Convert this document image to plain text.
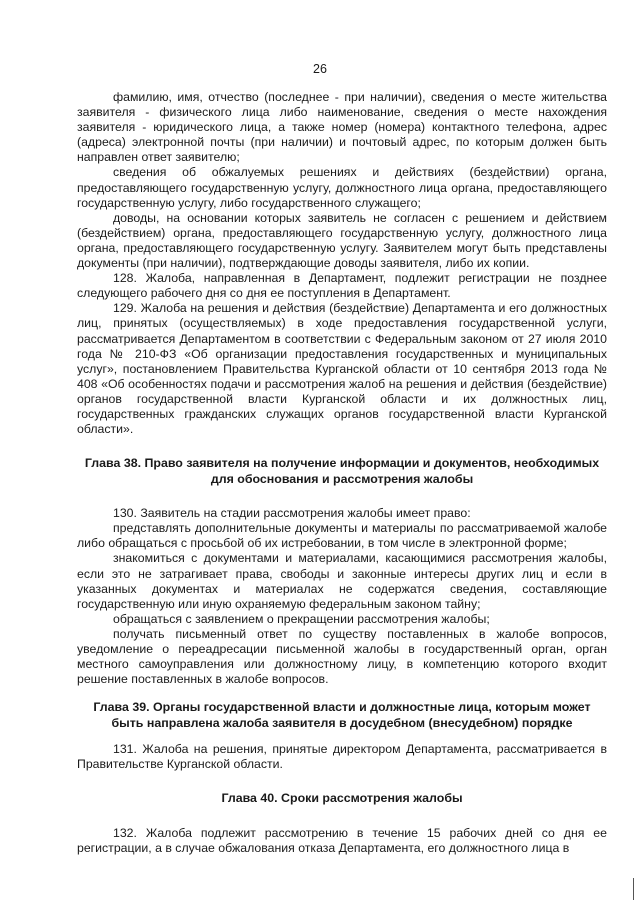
26

фамилию, имя, отчество (последнее - при наличии), сведения о месте жительства заявителя - физического лица либо наименование, сведения о месте нахождения заявителя - юридического лица, а также номер (номера) контактного телефона, адрес (адреса) электронной почты (при наличии) и почтовый адрес, по которым должен быть направлен ответ заявителю;

сведения об обжалуемых решениях и действиях (бездействии) органа, предоставляющего государственную услугу, должностного лица органа, предоставляющего государственную услугу, либо государственного служащего;

доводы, на основании которых заявитель не согласен с решением и действием (бездействием) органа, предоставляющего государственную услугу, должностного лица органа, предоставляющего государственную услугу. Заявителем могут быть представлены документы (при наличии), подтверждающие доводы заявителя, либо их копии.

128. Жалоба, направленная в Департамент, подлежит регистрации не позднее следующего рабочего дня со дня ее поступления в Департамент.

129. Жалоба на решения и действия (бездействие) Департамента и его должностных лиц, принятых (осуществляемых) в ходе предоставления государственной услуги, рассматривается Департаментом в соответствии с Федеральным законом от 27 июля 2010 года № 210-ФЗ «Об организации предоставления государственных и муниципальных услуг», постановлением Правительства Курганской области от 10 сентября 2013 года № 408 «Об особенностях подачи и рассмотрения жалоб на решения и действия (бездействие) органов государственной власти Курганской области и их должностных лиц, государственных гражданских служащих органов государственной власти Курганской области».

Глава 38. Право заявителя на получение информации и документов, необходимых для обоснования и рассмотрения жалобы

130. Заявитель на стадии рассмотрения жалобы имеет право:

представлять дополнительные документы и материалы по рассматриваемой жалобе либо обращаться с просьбой об их истребовании, в том числе в электронной форме;

знакомиться с документами и материалами, касающимися рассмотрения жалобы, если это не затрагивает права, свободы и законные интересы других лиц и если в указанных документах и материалах не содержатся сведения, составляющие государственную или иную охраняемую федеральным законом тайну;

обращаться с заявлением о прекращении рассмотрения жалобы;

получать письменный ответ по существу поставленных в жалобе вопросов, уведомление о переадресации письменной жалобы в государственный орган, орган местного самоуправления или должностному лицу, в компетенцию которого входит решение поставленных в жалобе вопросов.

Глава 39. Органы государственной власти и должностные лица, которым может быть направлена жалоба заявителя в досудебном (внесудебном) порядке

131. Жалоба на решения, принятые директором Департамента, рассматривается в Правительстве Курганской области.

Глава 40. Сроки рассмотрения жалобы

132. Жалоба подлежит рассмотрению в течение 15 рабочих дней со дня ее регистрации, а в случае обжалования отказа Департамента, его должностного лица в
